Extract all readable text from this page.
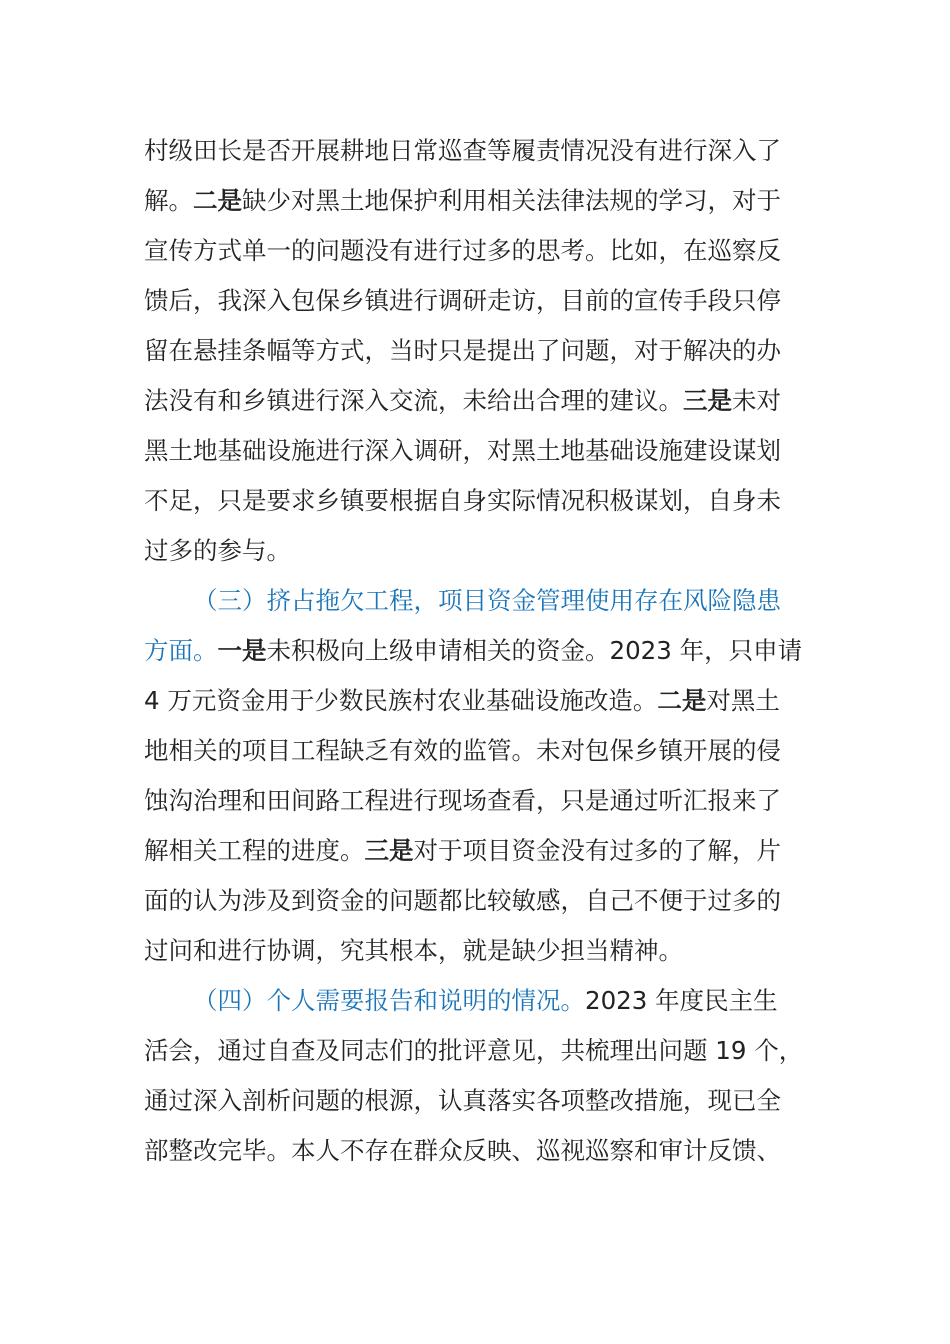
村级田长是否开展耕地日常巡查等履责情况没有进行深入了
解。二是缺少对黑土地保护利用相关法律法规的学习，对于
宣传方式单一的问题没有进行过多的思考。比如，在巡察反
馈后，我深入包保乡镇进行调研走访，目前的宣传手段只停
留在悬挂条幅等方式，当时只是提出了问题，对于解决的办
法没有和乡镇进行深入交流，未给出合理的建议。三是未对
黑土地基础设施进行深入调研，对黑土地基础设施建设谋划
不足，只是要求乡镇要根据自身实际情况积极谋划，自身未
过多的参与。
（三）挤占拖欠工程，项目资金管理使用存在风险隐患
方面。一是未积极向上级申请相关的资金。2023 年，只申请
4 万元资金用于少数民族村农业基础设施改造。二是对黑土
地相关的项目工程缺乏有效的监管。未对包保乡镇开展的侵
蚀沟治理和田间路工程进行现场查看，只是通过听汇报来了
解相关工程的进度。三是对于项目资金没有过多的了解，片
面的认为涉及到资金的问题都比较敏感，自己不便于过多的
过问和进行协调，究其根本，就是缺少担当精神。
（四）个人需要报告和说明的情况。2023 年度民主生
活会，通过自查及同志们的批评意见，共梳理出问题 19 个，
通过深入剖析问题的根源，认真落实各项整改措施，现已全
部整改完毕。本人不存在群众反映、巡视巡察和审计反馈、
